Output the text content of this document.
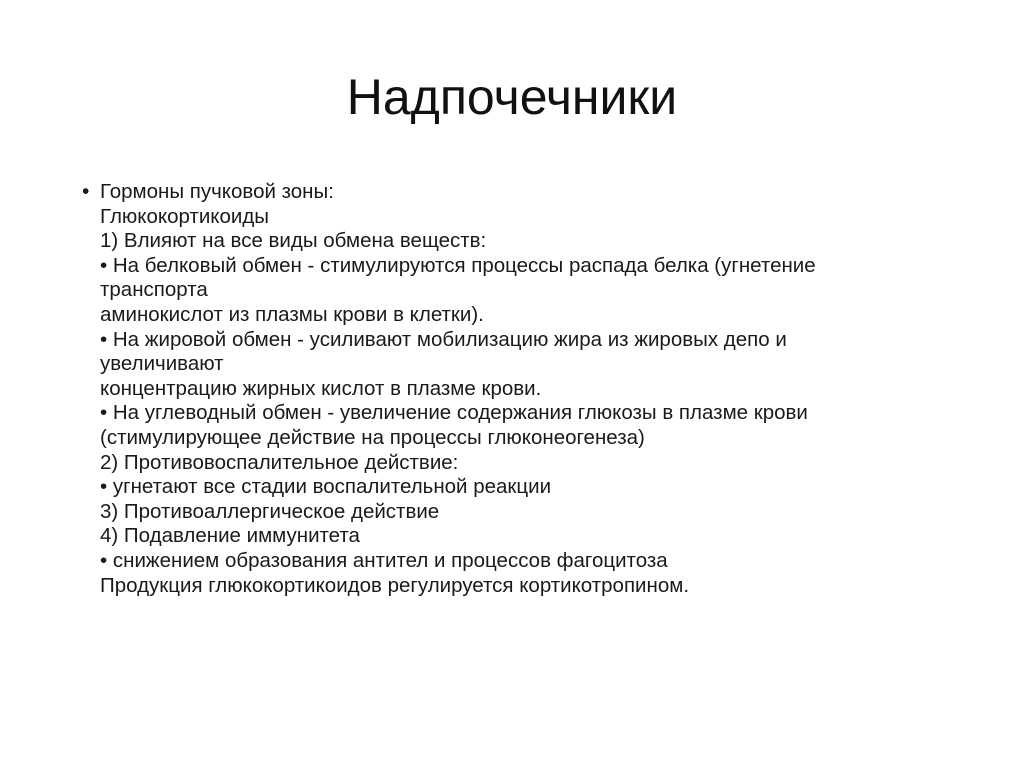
Надпочечники
• Гормоны пучковой зоны:
Глюкокортикоиды
1) Влияют на все виды обмена веществ:
• На белковый обмен - стимулируются процессы распада белка (угнетение
транспорта
аминокислот из плазмы крови в клетки).
• На жировой обмен - усиливают мобилизацию жира из жировых депо и
увеличивают
концентрацию жирных кислот в плазме крови.
• На углеводный обмен - увеличение содержания глюкозы в плазме крови
(стимулирующее действие на процессы глюконеогенеза)
2) Противовоспалительное действие:
• угнетают все стадии воспалительной реакции
3) Противоаллергическое действие
4) Подавление иммунитета
• снижением образования антител и процессов фагоцитоза
Продукция глюкокортикоидов регулируется кортикотропином.
